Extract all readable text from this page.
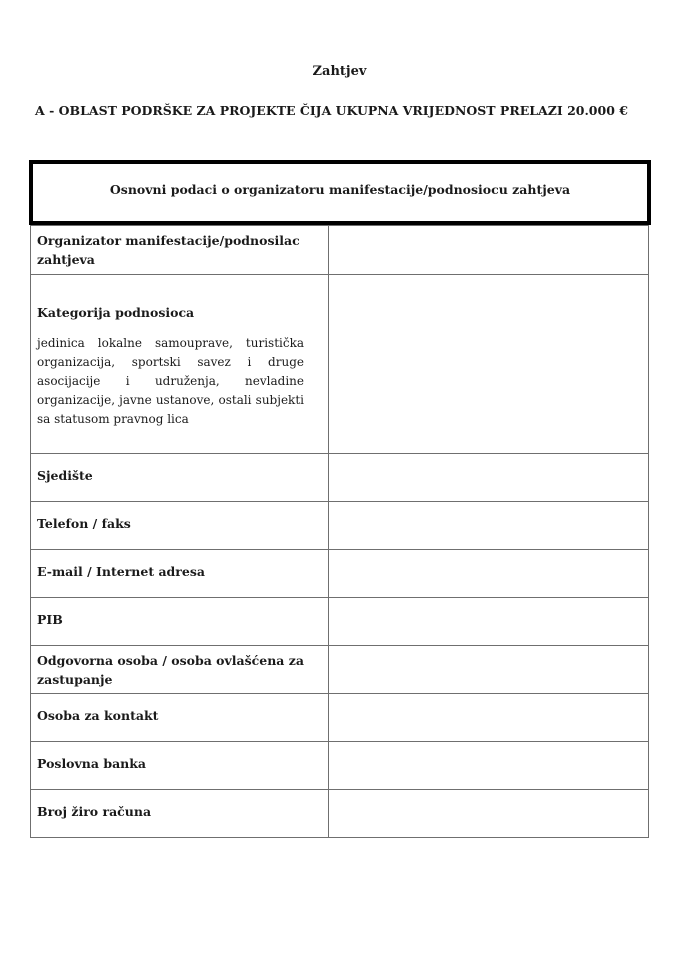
Zahtjev
A - OBLAST PODRŠKE ZA PROJEKTE ČIJA UKUPNA VRIJEDNOST PRELAZI 20.000 €
Osnovni podaci o organizatoru manifestacije/podnosiocu zahtjeva
Organizator manifestacije/podnosilac zahtjeva	

Kategorija podnosioca
jedinica lokalne samouprave, turistička organizacija, sportski savez i druge asocijacije i udruženja, nevladine organizacije, javne ustanove, ostali subjekti sa statusom pravnog lica	

Sjedište	

Telefon / faks	

E-mail / Internet adresa	

PIB	

Odgovorna osoba / osoba ovlašćena za zastupanje	

Osoba za kontakt	

Poslovna banka	

Broj žiro računa	
